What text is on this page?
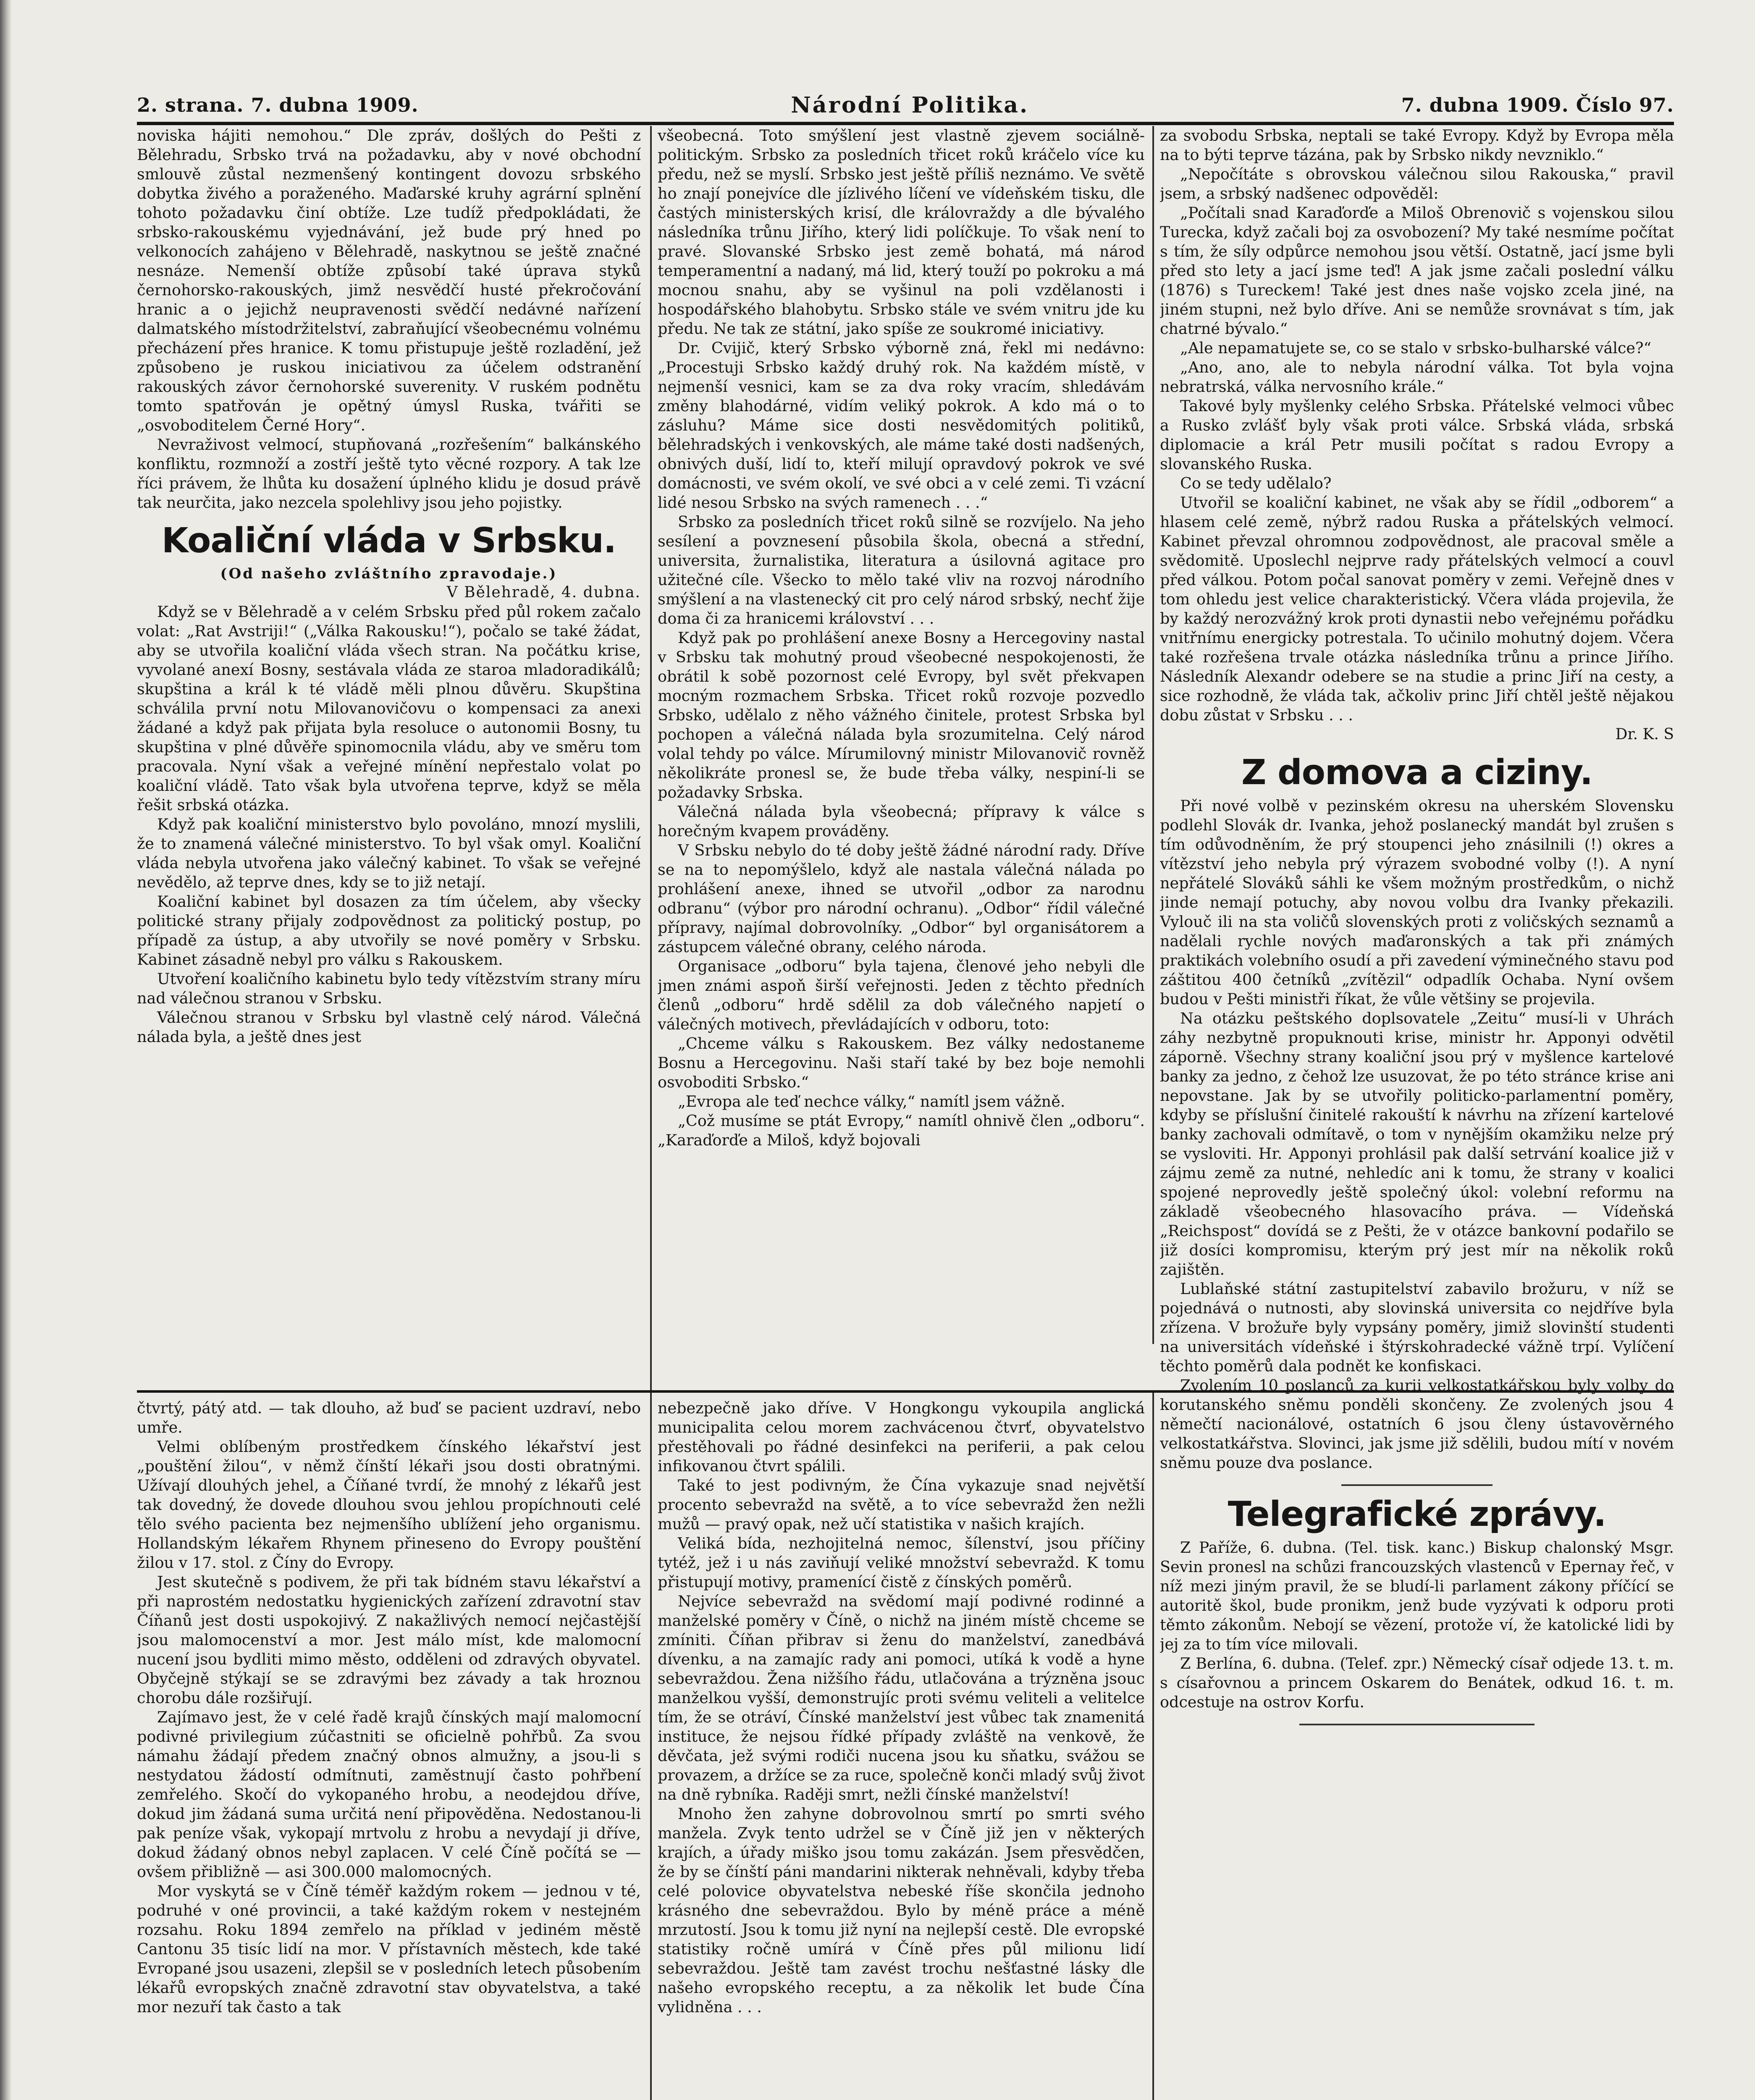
2. strana. 7. dubna 1909.	Národní Politika.	7. dubna 1909. Číslo 97.

noviska hájiti nemohou.“ Dle zpráv, došlých do Pešti z Bělehradu, Srbsko trvá na požadavku, aby v nové obchodní smlouvě zůstal nezmenšený kontingent dovozu srbského dobytka živého a poraženého. Maďarské kruhy agrární splnění tohoto požadavku činí obtíže. Lze tudíž předpokládati, že srbsko-rakouskému vyjednávání, jež bude prý hned po velkonocích zahájeno v Bělehradě, naskytnou se ještě značné nesnáze. Nemenší obtíže způsobí také úprava styků černohorsko-rakouských, jimž nesvědčí husté překročování hranic a o jejichž neupravenosti svědčí nedávné nařízení dalmatského místodržitelství, zabraňující všeobecnému volnému přecházení přes hranice. K tomu přistupuje ještě rozladění, jež způsobeno je ruskou iniciativou za účelem odstranění rakouských závor černohorské suverenity. V ruském podnětu tomto spatřován je opětný úmysl Ruska, tvářiti se „osvoboditelem Černé Hory“.

Nevraživost velmocí, stupňovaná „rozřešením“ balkánského konfliktu, rozmnoží a zostří ještě tyto věcné rozpory. A tak lze říci právem, že lhůta ku dosažení úplného klidu je dosud právě tak neurčita, jako nezcela spolehlivy jsou jeho pojistky.

Koaliční vláda v Srbsku.
(Od našeho zvláštního zpravodaje.)
V Bělehradě, 4. dubna.

Když se v Bělehradě a v celém Srbsku před půl rokem začalo volat: „Rat Avstriji!“ („Válka Rakousku!“), počalo se také žádat, aby se utvořila koaliční vláda všech stran. Na počátku krise, vyvolané anexí Bosny, sestávala vláda ze staroa mladoradikálů; skupština a král k té vládě měli plnou důvěru. Skupština schválila první notu Milovanovičovu o kompensaci za anexi žádané a když pak přijata byla resoluce o autonomii Bosny, tu skupština v plné důvěře spinomocnila vládu, aby ve směru tom pracovala. Nyní však a veřejné mínění nepřestalo volat po koaliční vládě. Tato však byla utvořena teprve, když se měla řešit srbská otázka.

Když pak koaliční ministerstvo bylo povoláno, mnozí myslili, že to znamená válečné ministerstvo. To byl však omyl. Koaliční vláda nebyla utvořena jako válečný kabinet. To však se veřejné nevědělo, až teprve dnes, kdy se to již netají.

Koaliční kabinet byl dosazen za tím účelem, aby všecky politické strany přijaly zodpovědnost za politický postup, po případě za ústup, a aby utvořily se nové poměry v Srbsku. Kabinet zásadně nebyl pro válku s Rakouskem.

Utvoření koaličního kabinetu bylo tedy vítězstvím strany míru nad válečnou stranou v Srbsku.

Válečnou stranou v Srbsku byl vlastně celý národ. Válečná nálada byla, a ještě dnes jest

všeobecná. Toto smýšlení jest vlastně zjevem sociálně-politickým. Srbsko za posledních třicet roků kráčelo více ku předu, než se myslí. Srbsko jest ještě příliš neznámo. Ve světě ho znají ponejvíce dle jízlivého líčení ve vídeňském tisku, dle častých ministerských krisí, dle královraždy a dle bývalého následníka trůnu Jiřího, který lidi políčkuje. To však není to pravé. Slovanské Srbsko jest země bohatá, má národ temperamentní a nadaný, má lid, který touží po pokroku a má mocnou snahu, aby se vyšinul na poli vzdělanosti i hospodářského blahobytu. Srbsko stále ve svém vnitru jde ku předu. Ne tak ze státní, jako spíše ze soukromé iniciativy.

Dr. Cvijič, který Srbsko výborně zná, řekl mi nedávno: „Procestuji Srbsko každý druhý rok. Na každém místě, v nejmenší vesnici, kam se za dva roky vracím, shledávám změny blahodárné, vidím veliký pokrok. A kdo má o to zásluhu? Máme sice dosti nesvědomitých politiků, bělehradských i venkovských, ale máme také dosti nadšených, obnivých duší, lidí to, kteří milují opravdový pokrok ve své domácnosti, ve svém okolí, ve své obci a v celé zemi. Ti vzácní lidé nesou Srbsko na svých ramenech . . .“

Srbsko za posledních třicet roků silně se rozvíjelo. Na jeho sesílení a povznesení působila škola, obecná a střední, universita, žurnalistika, literatura a úsilovná agitace pro užitečné cíle. Všecko to mělo také vliv na rozvoj národního smýšlení a na vlastenecký cit pro celý národ srbský, nechť žije doma či za hranicemi království . . .

Když pak po prohlášení anexe Bosny a Hercegoviny nastal v Srbsku tak mohutný proud všeobecné nespokojenosti, že obrátil k sobě pozornost celé Evropy, byl svět překvapen mocným rozmachem Srbska. Třicet roků rozvoje pozvedlo Srbsko, udělalo z něho vážného činitele, protest Srbska byl pochopen a válečná nálada byla srozumitelna. Celý národ volal tehdy po válce. Mírumilovný ministr Milovanovič rovněž několikráte pronesl se, že bude třeba války, nespiní-li se požadavky Srbska.

Válečná nálada byla všeobecná; přípravy k válce s horečným kvapem prováděny.

V Srbsku nebylo do té doby ještě žádné národní rady. Dříve se na to nepomýšlelo, když ale nastala válečná nálada po prohlášení anexe, ihned se utvořil „odbor za narodnu odbranu“ (výbor pro národní ochranu). „Odbor“ řídil válečné přípravy, najímal dobrovolníky. „Odbor“ byl organisátorem a zástupcem válečné obrany, celého národa.

Organisace „odboru“ byla tajena, členové jeho nebyli dle jmen známi aspoň širší veřejnosti. Jeden z těchto předních členů „odboru“ hrdě sdělil za dob válečného napjetí o válečných motivech, převládajících v odboru, toto:

„Chceme válku s Rakouskem. Bez války nedostaneme Bosnu a Hercegovinu. Naši staří také by bez boje nemohli osvoboditi Srbsko.“

„Evropa ale teď nechce války,“ namítl jsem vážně.

„Což musíme se ptát Evropy,“ namítl ohnivě člen „odboru“. „Karaďorďe a Miloš, když bojovali

za svobodu Srbska, neptali se také Evropy. Když by Evropa měla na to býti teprve tázána, pak by Srbsko nikdy nevzniklo.“

„Nepočítáte s obrovskou válečnou silou Rakouska,“ pravil jsem, a srbský nadšenec odpověděl:

„Počítali snad Karaďorďe a Miloš Obrenovič s vojenskou silou Turecka, když začali boj za osvobození? My také nesmíme počítat s tím, že síly odpůrce nemohou jsou větší. Ostatně, jací jsme byli před sto lety a jací jsme teď! A jak jsme začali poslední válku (1876) s Tureckem! Také jest dnes naše vojsko zcela jiné, na jiném stupni, než bylo dříve. Ani se nemůže srovnávat s tím, jak chatrné bývalo.“

„Ale nepamatujete se, co se stalo v srbsko-bulharské válce?“

„Ano, ano, ale to nebyla národní válka. Tot byla vojna nebratrská, válka nervosního krále.“

Takové byly myšlenky celého Srbska. Přátelské velmoci vůbec a Rusko zvlášť byly však proti válce. Srbská vláda, srbská diplomacie a král Petr musili počítat s radou Evropy a slovanského Ruska.

Co se tedy udělalo?

Utvořil se koaliční kabinet, ne však aby se řídil „odborem“ a hlasem celé země, nýbrž radou Ruska a přátelských velmocí. Kabinet převzal ohromnou zodpovědnost, ale pracoval směle a svědomitě. Uposlechl nejprve rady přátelských velmocí a couvl před válkou. Potom počal sanovat poměry v zemi. Veřejně dnes v tom ohledu jest velice charakteristický. Včera vláda projevila, že by každý nerozvážný krok proti dynastii nebo veřejnému pořádku vnitřnímu energicky potrestala. To učinilo mohutný dojem. Včera také rozřešena trvale otázka následníka trůnu a prince Jiřího. Následník Alexandr odebere se na studie a princ Jiří na cesty, a sice rozhodně, že vláda tak, ačkoliv princ Jiří chtěl ještě nějakou dobu zůstat v Srbsku . . .

Dr. K. S
Z domova a ciziny.

Při nové volbě v pezinském okresu na uherském Slovensku podlehl Slovák dr. Ivanka, jehož poslanecký mandát byl zrušen s tím odůvodněním, že prý stoupenci jeho znásilnili (!) okres a vítězství jeho nebyla prý výrazem svobodné volby (!). A nyní nepřátelé Slováků sáhli ke všem možným prostředkům, o nichž jinde nemají potuchy, aby novou volbu dra Ivanky překazili. Vylouč ili na sta voličů slovenských proti z voličských seznamů a nadělali rychle nových maďaronských a tak při známých praktikách volebního osudí a při zavedení výminečného stavu pod záštitou 400 četníků „zvítězil“ odpadlík Ochaba. Nyní ovšem budou v Pešti ministři říkat, že vůle většiny se projevila.

Na otázku peštského doplsovatele „Zeitu“ musí-li v Uhrách záhy nezbytně propuknouti krise, ministr hr. Apponyi odvětil záporně. Všechny strany koaliční jsou prý v myšlence kartelové banky za jedno, z čehož lze usuzovat, že po této stránce krise ani nepovstane. Jak by se utvořily politicko-parlamentní poměry, kdyby se příslušní činitelé rakouští k návrhu na zřízení kartelové banky zachovali odmítavě, o tom v nynějším okamžiku nelze prý se vysloviti. Hr. Apponyi prohlásil pak další setrvání koalice již v zájmu země za nutné, nehledíc ani k tomu, že strany v koalici spojené neprovedly ještě společný úkol: volební reformu na základě všeobecného hlasovacího práva. — Vídeňská „Reichspost“ dovídá se z Pešti, že v otázce bankovní podařilo se již dosíci kompromisu, kterým prý jest mír na několik roků zajištěn.

Lublaňské státní zastupitelství zabavilo brožuru, v níž se pojednává o nutnosti, aby slovinská universita co nejdříve byla zřízena. V brožuře byly vypsány poměry, jimiž slovinští studenti na universitách vídeňské i štýrskohradecké vážně trpí. Vylíčení těchto poměrů dala podnět ke konfiskaci.

Zvolením 10 poslanců za kurii velkostatkářskou byly volby do korutanského sněmu ponděli skončeny. Ze zvolených jsou 4 němečtí nacionálové, ostatních 6 jsou členy ústavověrného velkostatkářstva. Slovinci, jak jsme již sdělili, budou mítí v novém sněmu pouze dva poslance.

Telegrafické zprávy.

Z Paříže, 6. dubna. (Tel. tisk. kanc.) Biskup chalonský Msgr. Sevin pronesl na schůzi francouzských vlastenců v Epernay řeč, v níž mezi jiným pravil, že se bludí-li parlament zákony příčící se autoritě škol, bude pronikm, jenž bude vyzývati k odporu proti těmto zákonům. Nebojí se vězení, protože ví, že katolické lidi by jej za to tím více milovali.

Z Berlína, 6. dubna. (Telef. zpr.) Německý císař odjede 13. t. m. s císařovnou a princem Oskarem do Benátek, odkud 16. t. m. odcestuje na ostrov Korfu.

čtvrtý, pátý atd. — tak dlouho, až buď se pacient uzdraví, nebo umře.

Velmi oblíbeným prostředkem čínského lékařství jest „pouštění žilou“, v němž čínští lékaři jsou dosti obratnými. Užívají dlouhých jehel, a Číňané tvrdí, že mnohý z lékařů jest tak dovedný, že dovede dlouhou svou jehlou propíchnouti celé tělo svého pacienta bez nejmenšího ublížení jeho organismu. Hollandským lékařem Rhynem přineseno do Evropy pouštění žilou v 17. stol. z Číny do Evropy.

Jest skutečně s podivem, že při tak bídném stavu lékařství a při naprostém nedostatku hygienických zařízení zdravotní stav Číňanů jest dosti uspokojivý. Z nakažlivých nemocí nejčastější jsou malomocenství a mor. Jest málo míst, kde malomocní nucení jsou bydliti mimo město, odděleni od zdravých obyvatel. Obyčejně stýkají se se zdravými bez závady a tak hroznou chorobu dále rozšiřují.

Zajímavo jest, že v celé řadě krajů čínských mají malomocní podivné privilegium zúčastniti se oficielně pohřbů. Za svou námahu žádají předem značný obnos almužny, a jsou-li s nestydatou žádostí odmítnuti, zaměstnují často pohřbení zemřelého. Skočí do vykopaného hrobu, a neodejdou dříve, dokud jim žádaná suma určitá není připověděna. Nedostanou-li pak peníze však, vykopají mrtvolu z hrobu a nevydají ji dříve, dokud žádaný obnos nebyl zaplacen. V celé Číně počítá se — ovšem přibližně — asi 300.000 malomocných.

Mor vyskytá se v Číně téměř každým rokem — jednou v té, podruhé v oné provincii, a také každým rokem v nestejném rozsahu. Roku 1894 zemřelo na příklad v jediném městě Cantonu 35 tisíc lidí na mor. V přístavních městech, kde také Evropané jsou usazeni, zlepšil se v posledních letech působením lékařů evropských značně zdravotní stav obyvatelstva, a také mor nezuří tak často a tak

nebezpečně jako dříve. V Hongkongu vykoupila anglická municipalita celou morem zachvácenou čtvrť, obyvatelstvo přestěhovali po řádné desinfekci na periferii, a pak celou infikovanou čtvrt spálili.

Také to jest podivným, že Čína vykazuje snad největší procento sebevražd na světě, a to více sebevražd žen nežli mužů — pravý opak, než učí statistika v našich krajích.

Veliká bída, nezhojitelná nemoc, šílenství, jsou příčiny tytéž, jež i u nás zaviňují veliké množství sebevražd. K tomu přistupují motivy, pramenící čistě z čínských poměrů.

Nejvíce sebevražd na svědomí mají podivné rodinné a manželské poměry v Číně, o nichž na jiném místě chceme se zmíniti. Číňan přibrav si ženu do manželství, zanedbává dívenku, a na zamajíc rady ani pomoci, utíká k vodě a hyne sebevraždou. Žena nižšího řádu, utlačována a trýzněna jsouc manželkou vyšší, demonstrujíc proti svému veliteli a velitelce tím, že se otráví, Čínské manželství jest vůbec tak znamenitá instituce, že nejsou řídké případy zvláště na venkově, že děvčata, jež svými rodiči nucena jsou ku sňatku, svážou se provazem, a držíce se za ruce, společně konči mladý svůj život na dně rybníka. Raději smrt, nežli čínské manželství!

Mnoho žen zahyne dobrovolnou smrtí po smrti svého manžela. Zvyk tento udržel se v Číně již jen v některých krajích, a úřady miško jsou tomu zakázán. Jsem přesvědčen, že by se čínští páni mandarini nikterak nehněvali, kdyby třeba celé polovice obyvatelstva nebeské říše skončila jednoho krásného dne sebevraždou. Bylo by méně práce a méně mrzutostí. Jsou k tomu již nyní na nejlepší cestě. Dle evropské statistiky ročně umírá v Číně přes půl milionu lidí sebevraždou. Ještě tam zavést trochu nešťastné lásky dle našeho evropského receptu, a za několik let bude Čína vylidněna . . .
